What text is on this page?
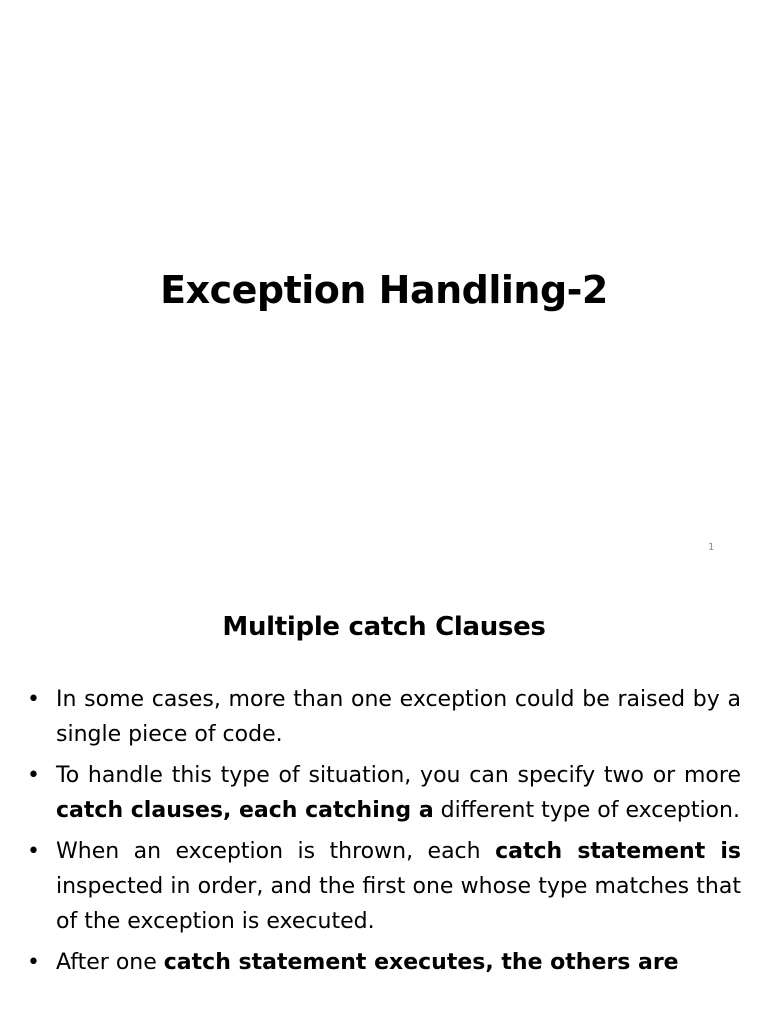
Exception Handling-2
1
Multiple catch Clauses
• In some cases, more than one exception could be raised by a single piece of code.
• To handle this type of situation, you can specify two or more catch clauses, each catching a different type of exception.
• When an exception is thrown, each catch statement is inspected in order, and the first one whose type matches that of the exception is executed.
• After one catch statement executes, the others are
